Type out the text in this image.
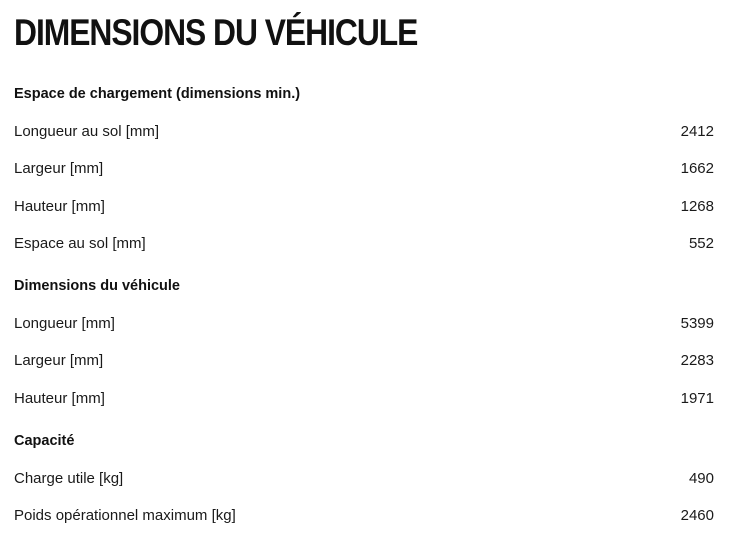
DIMENSIONS DU VÉHICULE
Espace de chargement (dimensions min.)
Longueur au sol [mm]	2412
Largeur [mm]	1662
Hauteur [mm]	1268
Espace au sol [mm]	552
Dimensions du véhicule
Longueur [mm]	5399
Largeur [mm]	2283
Hauteur [mm]	1971
Capacité
Charge utile [kg]	490
Poids opérationnel maximum [kg]	2460
